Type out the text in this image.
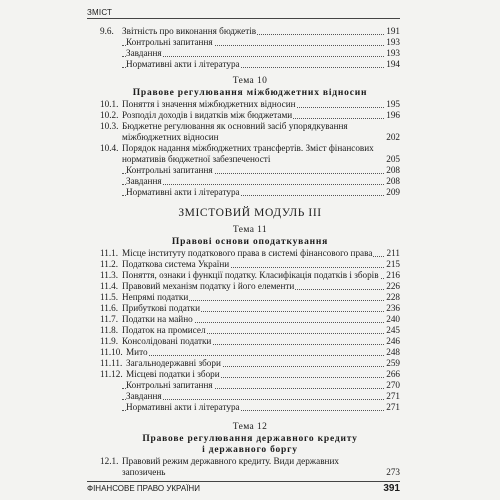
ЗМІСТ
9.6. Звітність про виконання бюджетів	191
Контрольні запитання	193
Завдання	193
Нормативні акти і література	194
Тема 10
Правове регулювання міжбюджетних відносин
10.1. Поняття і значення міжбюджетних відносин	195
10.2. Розподіл доходів і видатків між бюджетами	196
10.3. Бюджетне регулювання як основний засіб упорядкування міжбюджетних відносин	202
10.4. Порядок надання міжбюджетних трансфертів. Зміст фінансових нормативів бюджетної забезпеченості	205
Контрольні запитання	208
Завдання	208
Нормативні акти і література	209
ЗМІСТОВИЙ МОДУЛЬ ІІІ
Тема 11
Правові основи оподаткування
11.1. Місце інституту податкового права в системі фінансового права	211
11.2. Податкова система України	215
11.3. Поняття, ознаки і функції податку. Класифікація податків і зборів 216
11.4. Правовий механізм податку і його елементи	226
11.5. Непрямі податки	228
11.6. Прибуткові податки	236
11.7. Податки на майно	240
11.8. Податок на промисел	245
11.9. Консолідовані податки	246
11.10. Мито	248
11.11. Загальнодержавні збори	259
11.12. Місцеві податки і збори	266
Контрольні запитання	270
Завдання	271
Нормативні акти і література	271
Тема 12
Правове регулювання державного кредиту
і державного боргу
12.1. Правовий режим державного кредиту. Види державних запозичень	273
ФІНАНСОВЕ ПРАВО УКРАЇНИ	391
